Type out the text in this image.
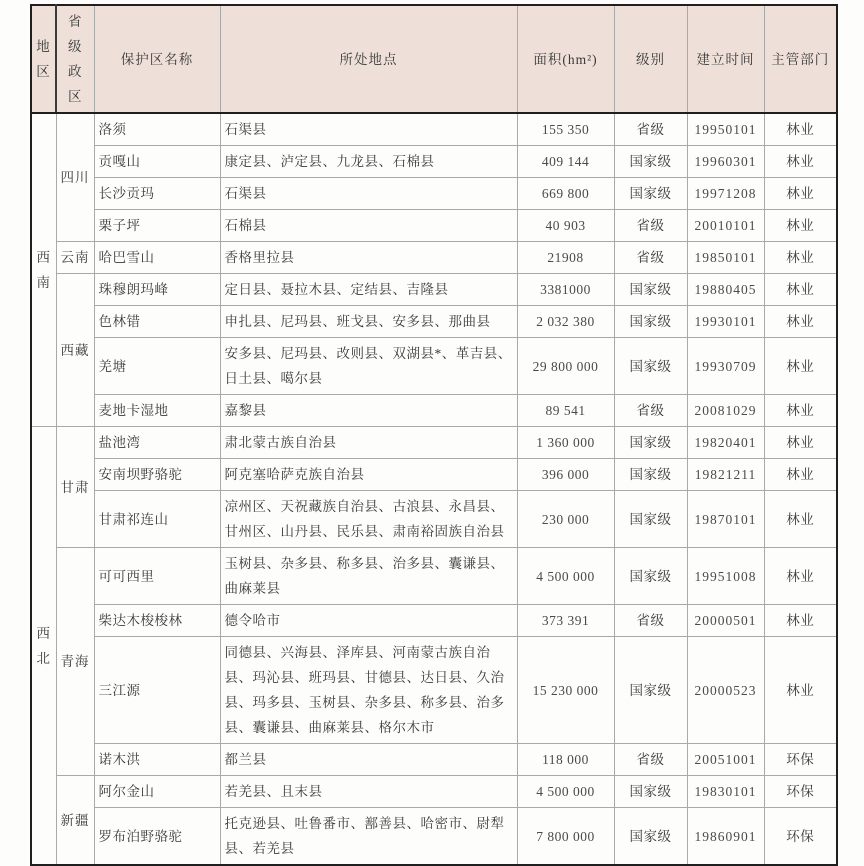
地区	省级政区	保护区名称	所处地点	面积(hm²)	级别	建立时间	主管部门
西南	四川	洛须	石渠县	155 350	省级	19950101	林业
		贡嘎山	康定县、泸定县、九龙县、石棉县	409 144	国家级	19960301	林业
		长沙贡玛	石渠县	669 800	国家级	19971208	林业
		栗子坪	石棉县	40 903	省级	20010101	林业
	云南	哈巴雪山	香格里拉县	21908	省级	19850101	林业
	西藏	珠穆朗玛峰	定日县、聂拉木县、定结县、吉隆县	3381000	国家级	19880405	林业
		色林错	申扎县、尼玛县、班戈县、安多县、那曲县	2 032 380	国家级	19930101	林业
		羌塘	安多县、尼玛县、改则县、双湖县*、革吉县、日土县、噶尔县	29 800 000	国家级	19930709	林业
		麦地卡湿地	嘉黎县	89 541	省级	20081029	林业
西北	甘肃	盐池湾	肃北蒙古族自治县	1 360 000	国家级	19820401	林业
		安南坝野骆驼	阿克塞哈萨克族自治县	396 000	国家级	19821211	林业
		甘肃祁连山	凉州区、天祝藏族自治县、古浪县、永昌县、甘州区、山丹县、民乐县、肃南裕固族自治县	230 000	国家级	19870101	林业
	青海	可可西里	玉树县、杂多县、称多县、治多县、囊谦县、曲麻莱县	4 500 000	国家级	19951008	林业
		柴达木梭梭林	德令哈市	373 391	省级	20000501	林业
		三江源	同德县、兴海县、泽库县、河南蒙古族自治县、玛沁县、班玛县、甘德县、达日县、久治县、玛多县、玉树县、杂多县、称多县、治多县、囊谦县、曲麻莱县、格尔木市	15 230 000	国家级	20000523	林业
		诺木洪	都兰县	118 000	省级	20051001	环保
	新疆	阿尔金山	若羌县、且末县	4 500 000	国家级	19830101	环保
		罗布泊野骆驼	托克逊县、吐鲁番市、鄯善县、哈密市、尉犁县、若羌县	7 800 000	国家级	19860901	环保
